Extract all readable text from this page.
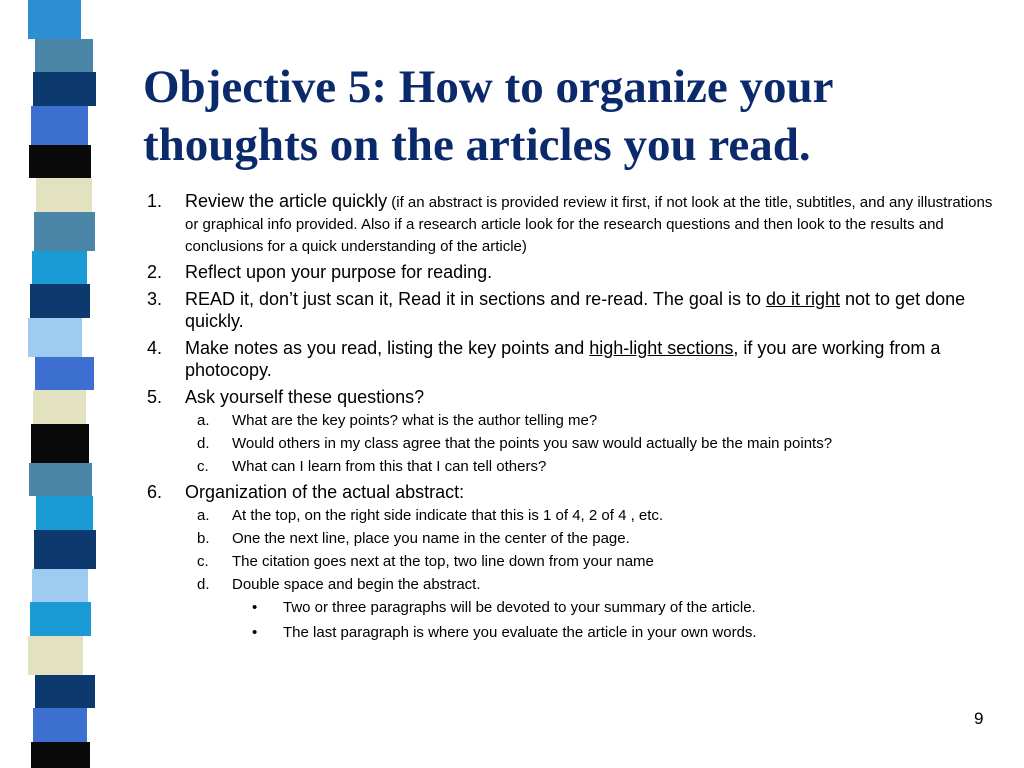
Objective 5: How to organize your thoughts on the articles you read.
1. Review the article quickly (if an abstract is provided review it first, if not look at the title, subtitles, and any illustrations or graphical info provided. Also if a research article look for the research questions and then look to the results and conclusions for a quick understanding of the article)
2. Reflect upon your purpose for reading.
3. READ it, don’t just scan it, Read it in sections and re-read. The goal is to do it right not to get done quickly.
4. Make notes as you read, listing the key points and high-light sections, if you are working from a photocopy.
5. Ask yourself these questions?
a. What are the key points? what is the author telling me?
d. Would others in my class agree that the points you saw would actually be the main points?
c. What can I learn from this that I can tell others?
6. Organization of the actual abstract:
a. At the top, on the right side indicate that this is 1 of 4, 2 of 4 , etc.
b. One the next line, place you name in the center of the page.
c. The citation goes next at the top, two line down from your name
d. Double space and begin the abstract.
• Two or three paragraphs will be devoted to your summary of the article.
• The last paragraph is where you evaluate the article in your own words.
9
